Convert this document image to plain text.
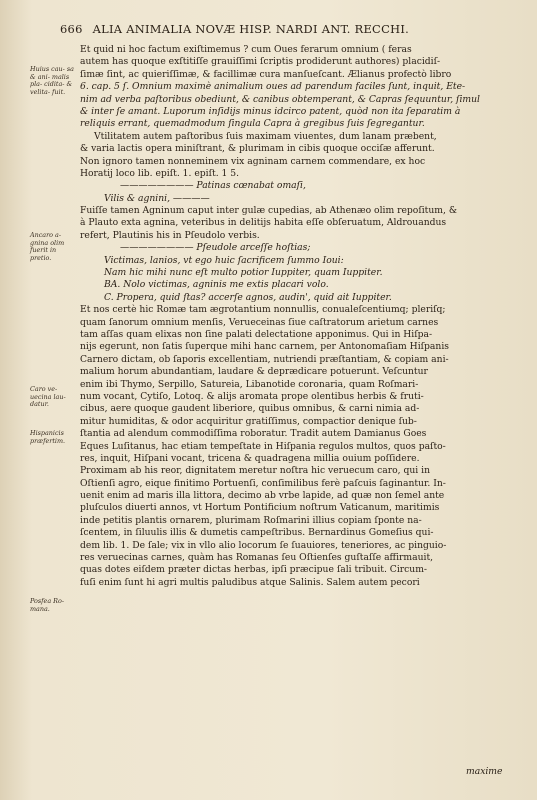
666 ALIA ANIMALIA NOVÆ HISP. NARDI ANT. RECCHI.
Huius cau- sa & ani- malis pla- cidita- & velita- fuit.
Ancaro a- gnina olim fuerit in pretio.
Caro ve- uecina lau- datur.
Hispanicis præfertim.
Posfea Ro- mana.
Et quid ni hoc factum exiſtimemus ? cum Oues ferarum omnium ( feras
autem has quoque exſtitiſſe grauiſſimi ſcriptis prodiderunt authores) placidiſ-
ſimæ ſint, ac quieriſſimæ, & facillimæ cura manſueſcant. Ælianus profectò libro
6. cap. 5 ſ. Omnium maximè animalium oues ad parendum faciles ſunt, inquit, Ete-
nim ad verba paſtoribus obediunt, & canibus obtemperant, & Capras ſequuntur, ſimul
& inter ſe amant. Luporum inſidijs minus idcirco patent, quòd non ita ſeparatim à
reliquis errant, quemadmodum ſingula Capra à gregibus ſuis ſegregantur.
Vtilitatem autem paſtoribus ſuis maximam viuentes, dum lanam præbent,
& varia lactis opera miniſtrant, & plurimam in cibis quoque occiſæ afferunt.
Non ignoro tamen nonneminem vix agninam carnem commendare, ex hoc
Horatij loco lib. epiſt. 1. epiſt. 1 5.
———————— Patinas cœnabat omaſi,
Vilis & agnini, ————
Fuiſſe tamen Agninum caput inter gulæ cupedias, ab Athenæo olim repoſitum, &
à Plauto exta agnina, veteribus in delitijs habita eſſe obſeruatum, Aldrouandus
refert, Plautinis his in Pſeudolo verbis.
———————— Pſeudole arceſſe hoſtias;
Victimas, lanios, vt ego huic ſacrificem ſummo Ioui:
Nam hic mihi nunc eſt multo potior Iuppiter, quam Iuppiter.
BA. Nolo victimas, agninis me extis placari volo.
C. Propera, quid ſtas? accerſe agnos, audin', quid ait Iuppiter.
Et nos certè hic Romæ tam ægrotantium nonnullis, conualeſcentiumq; pleriſq;
quam ſanorum omnium menſis, Verueceinas ſiue caſtratorum arietum carnes
tam aſſas quam elixas non ſine palati delectatione apponimus. Qui in Hiſpa-
nijs egerunt, non ſatis ſuperque mihi hanc carnem, per Antonomaſiam Hiſpanis
Carnero dictam, ob ſaporis excellentiam, nutriendi præſtantiam, & copiam ani-
malium horum abundantiam, laudare & deprædicare potuerunt. Veſcuntur
enim ibi Thymo, Serpillo, Satureia, Libanotide coronaria, quam Roſmari-
num vocant, Cytiſo, Lotoq. & alijs aromata prope olentibus herbis & fruti-
cibus, aere quoque gaudent liberiore, quibus omnibus, & carni nimia ad-
mitur humiditas, & odor acquiritur gratiſſimus, compactior denique ſub-
ſtantia ad alendum commodiſſima roboratur. Tradit autem Damianus Goes
Eques Luſitanus, hac etiam tempeſtate in Hiſpania regulos multos, quos paſto-
res, inquit, Hiſpani vocant, tricena & quadragena millia ouium poſſidere.
Proximam ab his reor, dignitatem meretur noſtra hic veruecum caro, qui in
Oſtienſi agro, eique finitimo Portuenſi, conſimilibus ferè paſcuis ſaginantur. In-
uenit enim ad maris illa littora, decimo ab vrbe lapide, ad quæ non ſemel ante
pluſculos diuerti annos, vt Hortum Pontificium noſtrum Vaticanum, maritimis
inde petitis plantis ornarem, plurimam Roſmarini illius copiam ſponte na-
ſcentem, in ſiluulis illis & dumetis campeſtribus. Bernardinus Gomeſius qui-
dem lib. 1. De ſale; vix in vllo alio locorum ſe ſuauiores, teneriores, ac pinguio-
res veruecinas carnes, quàm has Romanas ſeu Oſtienſes guſtaſſe affirmauit,
quas dotes eiſdem præter dictas herbas, ipſi præcipue ſali tribuit. Circum-
fuſi enim ſunt hi agri multis paludibus atque Salinis. Salem autem pecori
maxime
